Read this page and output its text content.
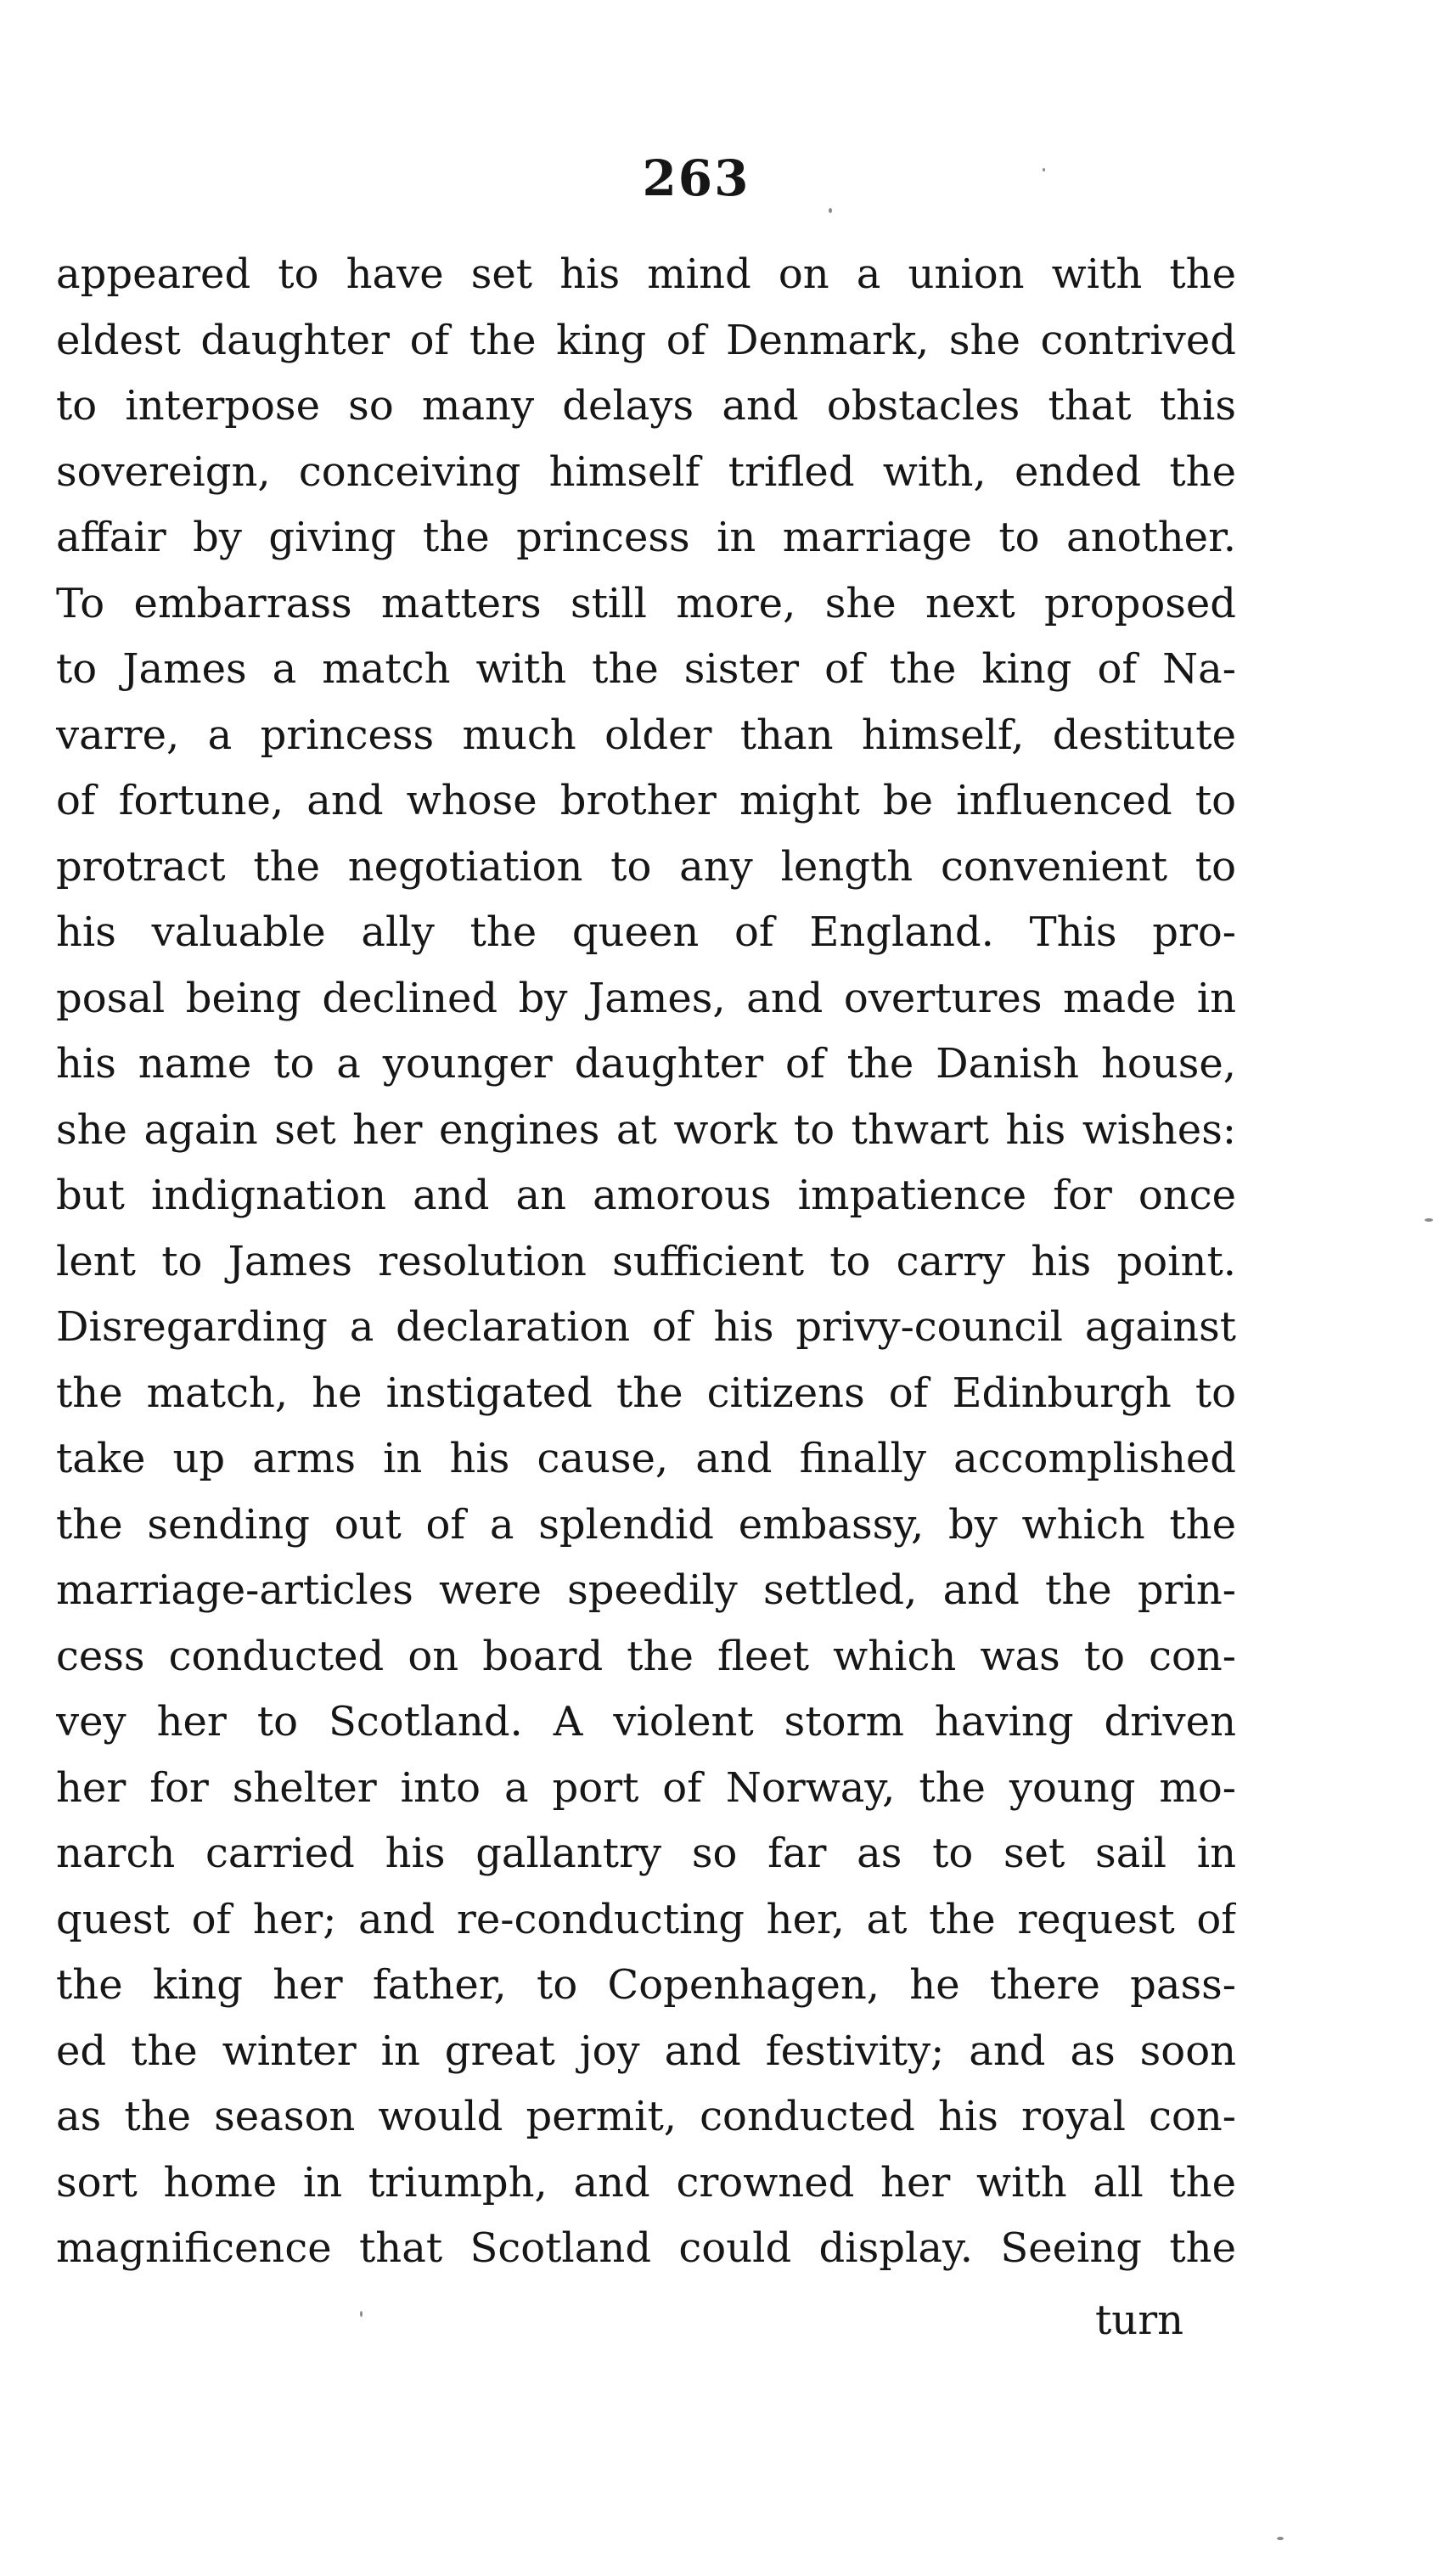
263
appeared to have set his mind on a union with the
eldest daughter of the king of Denmark, she contrived
to interpose so many delays and obstacles that this
sovereign, conceiving himself trifled with, ended the
affair by giving the princess in marriage to another.
To embarrass matters still more, she next proposed
to James a match with the sister of the king of Na-
varre, a princess much older than himself, destitute
of fortune, and whose brother might be influenced to
protract the negotiation to any length convenient to
his valuable ally the queen of England. This pro-
posal being declined by James, and overtures made in
his name to a younger daughter of the Danish house,
she again set her engines at work to thwart his wishes:
but indignation and an amorous impatience for once
lent to James resolution sufficient to carry his point.
Disregarding a declaration of his privy-council against
the match, he instigated the citizens of Edinburgh to
take up arms in his cause, and finally accomplished
the sending out of a splendid embassy, by which the
marriage-articles were speedily settled, and the prin-
cess conducted on board the fleet which was to con-
vey her to Scotland. A violent storm having driven
her for shelter into a port of Norway, the young mo-
narch carried his gallantry so far as to set sail in
quest of her; and re-conducting her, at the request of
the king her father, to Copenhagen, he there pass-
ed the winter in great joy and festivity; and as soon
as the season would permit, conducted his royal con-
sort home in triumph, and crowned her with all the
magnificence that Scotland could display. Seeing the
turn
